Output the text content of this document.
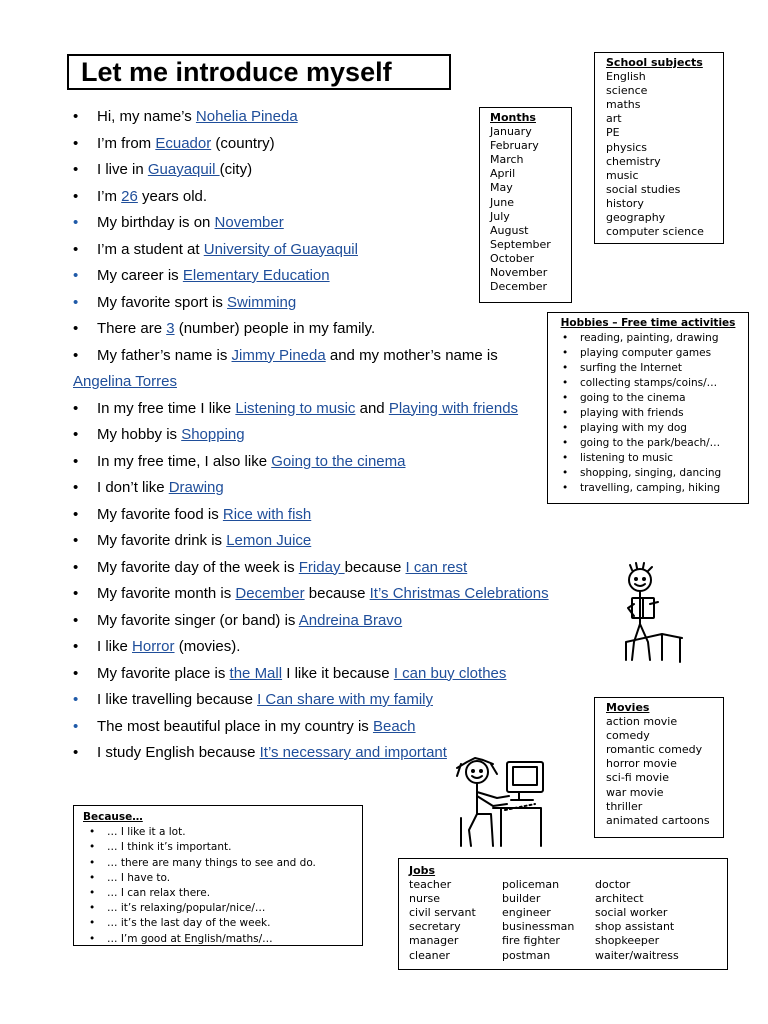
Let me introduce myself
• Hi, my name’s Nohelia Pineda
• I’m from Ecuador (country)
• I live in Guayaquil (city)
• I’m 26 years old.
• My birthday is on November
• I’m a student at University of Guayaquil
• My career is Elementary Education
• My favorite sport is Swimming
• There are 3 (number) people in my family.
• My father’s name is Jimmy Pineda and my mother’s name is
Angelina Torres
• In my free time I like Listening to music and Playing with friends
• My hobby is Shopping
• In my free time, I also like Going to the cinema
• I don’t like Drawing
• My favorite food is Rice with fish
• My favorite drink is Lemon Juice
• My favorite day of the week is Friday because I can rest
• My favorite month is December because It’s Christmas Celebrations
• My favorite singer (or band) is Andreina Bravo
• I like Horror (movies).
• My favorite place is the Mall I like it because I can buy clothes
• I like travelling because I Can share with my family
• The most beautiful place in my country is Beach
• I study English because It’s necessary and important
School subjects
English
science
maths
art
PE
physics
chemistry
music
social studies
history
geography
computer science
Months
January
February
March
April
May
June
July
August
September
October
November
December
Hobbies – Free time activities
• reading, painting, drawing
• playing computer games
• surfing the Internet
• collecting stamps/coins/…
• going to the cinema
• playing with friends
• playing with my dog
• going to the park/beach/…
• listening to music
• shopping, singing, dancing
• travelling, camping, hiking
Movies
action movie
comedy
romantic comedy
horror movie
sci-fi movie
war movie
thriller
animated cartoons
Because…
• … I like it a lot.
• … I think it’s important.
• … there are many things to see and do.
• … I have to.
• … I can relax there.
• … it’s relaxing/popular/nice/…
• … it’s the last day of the week.
• … I’m good at English/maths/…
Jobs
teacher
nurse
civil servant
secretary
manager
cleaner
policeman
builder
engineer
businessman
fire fighter
postman
doctor
architect
social worker
shop assistant
shopkeeper
waiter/waitress
